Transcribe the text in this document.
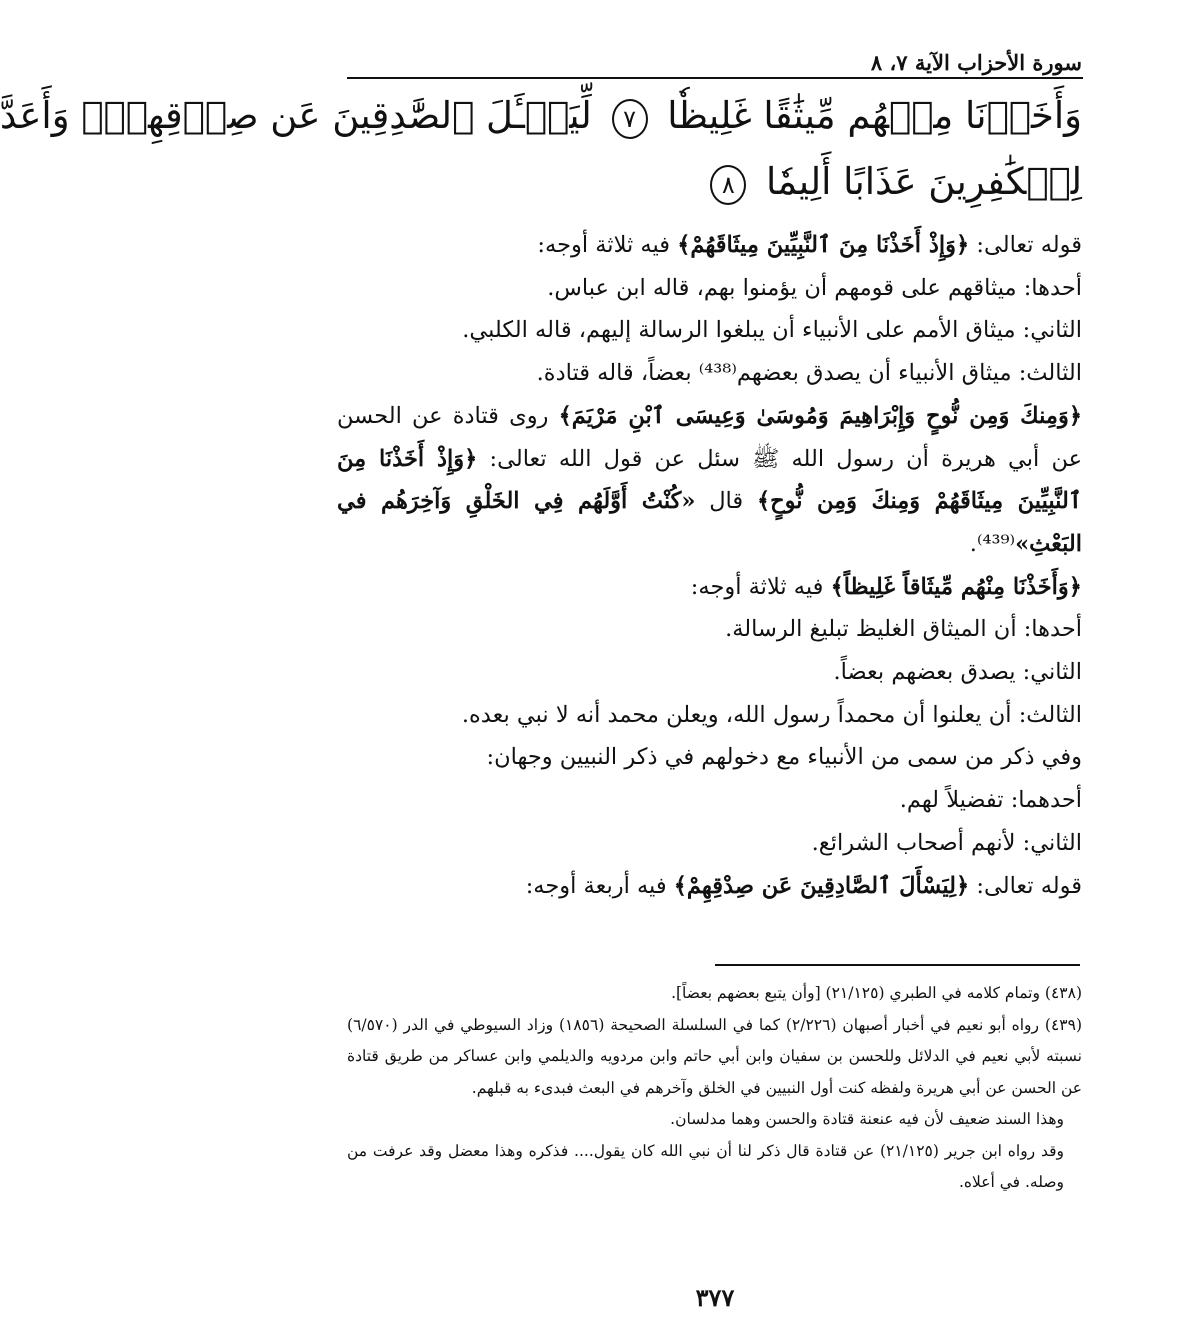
سورة الأحزاب الآية ٧، ٨
وَأَخَذۡنَا مِنۡهُم مِّيثَٰقًا غَلِيظٗا ٧ لِّيَسۡـَٔلَ ٱلصَّٰدِقِينَ عَن صِدۡقِهِمۡۚ وَأَعَدَّ
لِلۡكَٰفِرِينَ عَذَابًا أَلِيمٗا ٨

قوله تعالى: ﴿وَإِذْ أَخَذْنَا مِنَ ٱلنَّبِيِّينَ مِيثَاقَهُمْ﴾ فيه ثلاثة أوجه:

أحدها: ميثاقهم على قومهم أن يؤمنوا بهم، قاله ابن عباس.

الثاني: ميثاق الأمم على الأنبياء أن يبلغوا الرسالة إليهم، قاله الكلبي.

الثالث: ميثاق الأنبياء أن يصدق بعضهم⁽⁴³⁸⁾ بعضاً، قاله قتادة.

﴿وَمِنكَ وَمِن نُّوحٍ وَإِبْرَاهِيمَ وَمُوسَىٰ وَعِيسَى ٱبْنِ مَرْيَمَ﴾ روى قتادة عن الحسن عن أبي هريرة أن رسول الله ﷺ سئل عن قول الله تعالى: ﴿وَإِذْ أَخَذْنَا مِنَ ٱلنَّبِيِّينَ مِيثَاقَهُمْ وَمِنكَ وَمِن نُّوحٍ﴾ قال «كُنْتُ أَوَّلَهُم فِي الخَلْقِ وَآخِرَهُم في البَعْثِ»⁽⁴³⁹⁾.

﴿وَأَخَذْنَا مِنْهُم مِّيثَاقاً غَلِيظاً﴾ فيه ثلاثة أوجه:

أحدها: أن الميثاق الغليظ تبليغ الرسالة.

الثاني: يصدق بعضهم بعضاً.

الثالث: أن يعلنوا أن محمداً رسول الله، ويعلن محمد أنه لا نبي بعده.

وفي ذكر من سمى من الأنبياء مع دخولهم في ذكر النبيين وجهان:

أحدهما: تفضيلاً لهم.

الثاني: لأنهم أصحاب الشرائع.

قوله تعالى: ﴿لِيَسْأَلَ ٱلصَّادِقِينَ عَن صِدْقِهِمْ﴾ فيه أربعة أوجه:

(٤٣٨) وتمام كلامه في الطبري (٢١/١٢٥) [وأن يتبع بعضهم بعضاً].

(٤٣٩) رواه أبو نعيم في أخبار أصبهان (٢/٢٢٦) كما في السلسلة الصحيحة (١٨٥٦) وزاد السيوطي في الدر (٦/٥٧٠) نسبته لأبي نعيم في الدلائل وللحسن بن سفيان وابن أبي حاتم وابن مردويه والديلمي وابن عساكر من طريق قتادة عن الحسن عن أبي هريرة ولفظه كنت أول النبيين في الخلق وآخرهم في البعث فبدىء به قبلهم.

وهذا السند ضعيف لأن فيه عنعنة قتادة والحسن وهما مدلسان.

وقد رواه ابن جرير (٢١/١٢٥) عن قتادة قال ذكر لنا أن نبي الله كان يقول.... فذكره وهذا معضل وقد عرفت من وصله. في أعلاه.

٣٧٧
